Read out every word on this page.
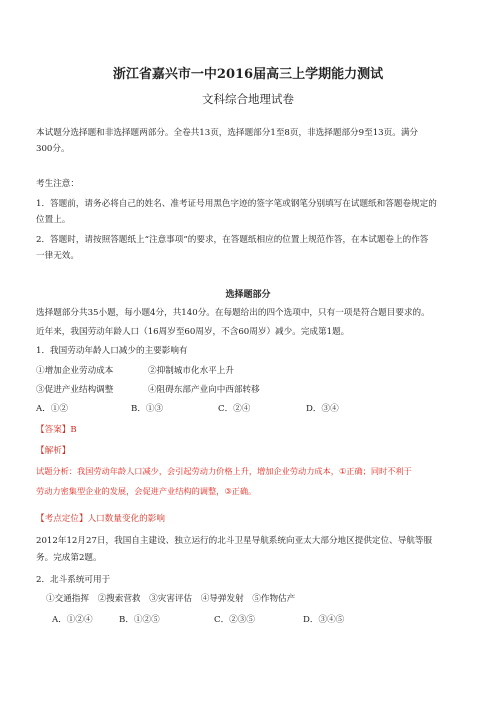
浙江省嘉兴市一中2016届高三上学期能力测试
文科综合地理试卷
本试题分选择题和非选择题两部分。全卷共13页，选择题部分1至8页，非选择题部分9至13页。满分
300分。
考生注意：
1．答题前，请务必将自己的姓名、准考证号用黑色字迹的签字笔或钢笔分别填写在试题纸和答题卷规定的
位置上。
2．答题时，请按照答题纸上“注意事项”的要求，在答题纸相应的位置上规范作答，在本试题卷上的作答
一律无效。
选择题部分
选择题部分共35小题，每小题4分，共140分。在每题给出的四个选项中，只有一项是符合题目要求的。
近年来，我国劳动年龄人口（16周岁至60周岁，不含60周岁）减少。完成第1题。
1．我国劳动年龄人口减少的主要影响有
①增加企业劳动成本	②抑制城市化水平上升
③促进产业结构调整	④阻碍东部产业向中西部转移
A．①②	B．①③	C．②④	D．③④
【答案】B
【解析】
试题分析：我国劳动年龄人口减少，会引起劳动力价格上升，增加企业劳动力成本，①正确；同时不利于
劳动力密集型企业的发展，会促进产业结构的调整，③正确。
【考点定位】人口数量变化的影响
2012年12月27日，我国自主建设、独立运行的北斗卫星导航系统向亚太大部分地区提供定位、导航等服
务。完成第2题。
2．北斗系统可用于
①交通指挥　②搜索营救　③灾害评估　④导弹发射　⑤作物估产
A．①②④	B．①②⑤	C．②③⑤	D．③④⑤
